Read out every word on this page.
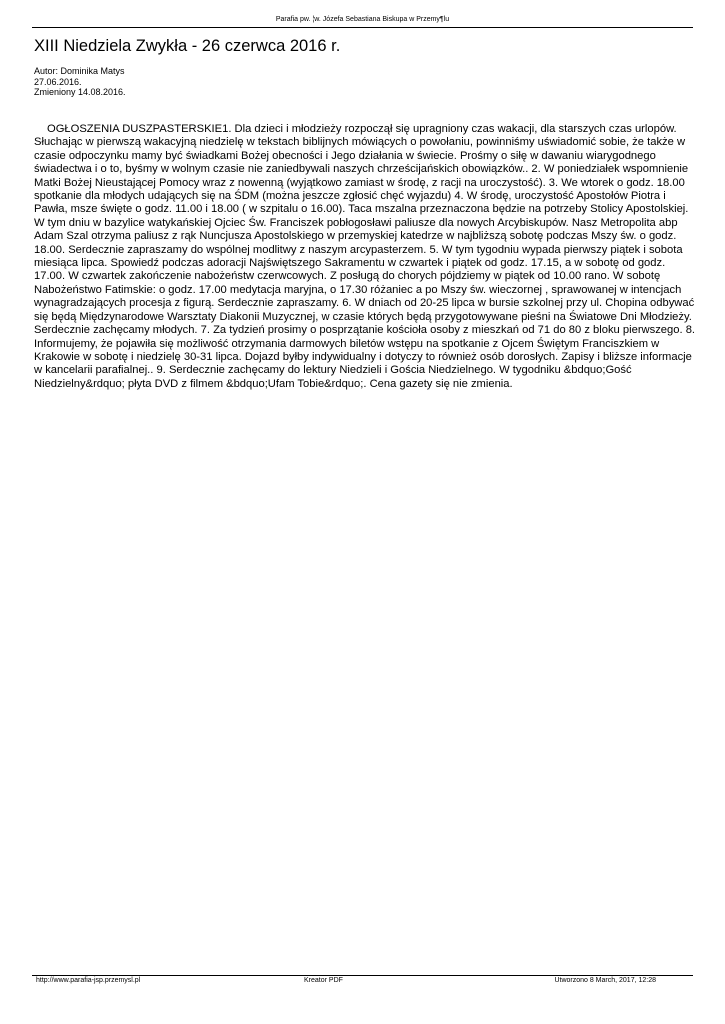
Parafia pw. ¦w. Józefa Sebastiana Biskupa w Przemy¶lu
XIII Niedziela Zwykła - 26 czerwca 2016 r.
Autor: Dominika Matys
27.06.2016.
Zmieniony 14.08.2016.

OGŁOSZENIA DUSZPASTERSKIE1. Dla dzieci i młodzieży rozpoczął się upragniony czas wakacji, dla starszych czas urlopów. Słuchając w pierwszą wakacyjną niedzielę w tekstach biblijnych mówiących o powołaniu, powinniśmy uświadomić sobie, że także w czasie odpoczynku mamy być świadkami Bożej obecności i Jego działania w świecie. Prośmy o siłę w dawaniu wiarygodnego świadectwa i o to, byśmy w wolnym czasie nie zaniedbywali naszych chrześcijańskich obowiązków.. 2. W poniedziałek wspomnienie Matki Bożej Nieustającej Pomocy wraz z nowenną (wyjątkowo zamiast w środę, z racji na uroczystość). 3. We wtorek o godz. 18.00 spotkanie dla młodych udających się na ŚDM (można jeszcze zgłosić chęć wyjazdu) 4. W środę, uroczystość Apostołów Piotra i Pawła, msze święte o godz. 11.00 i 18.00 ( w szpitalu o 16.00). Taca mszalna przeznaczona będzie na potrzeby Stolicy Apostolskiej. W tym dniu w bazylice watykańskiej Ojciec Św. Franciszek pobłogosławi paliusze dla nowych Arcybiskupów. Nasz Metropolita abp Adam Szal otrzyma paliusz z rąk Nuncjusza Apostolskiego w przemyskiej katedrze w najbliższą sobotę podczas Mszy św. o godz. 18.00. Serdecznie zapraszamy do wspólnej modlitwy z naszym arcypasterzem. 5. W tym tygodniu wypada pierwszy piątek i sobota miesiąca lipca. Spowiedź podczas adoracji Najświętszego Sakramentu w czwartek i piątek od godz. 17.15, a w sobotę od godz. 17.00. W czwartek zakończenie nabożeństw czerwcowych. Z posługą do chorych pójdziemy w piątek od 10.00 rano. W sobotę Nabożeństwo Fatimskie: o godz. 17.00 medytacja maryjna, o 17.30 różaniec a po Mszy św. wieczornej , sprawowanej w intencjach wynagradzających procesja z figurą. Serdecznie zapraszamy. 6. W dniach od 20-25 lipca w bursie szkolnej przy ul. Chopina odbywać się będą Międzynarodowe Warsztaty Diakonii Muzycznej, w czasie których będą przygotowywane pieśni na Światowe Dni Młodzieży. Serdecznie zachęcamy młodych. 7. Za tydzień prosimy o posprzątanie kościoła osoby z mieszkań od 71 do 80 z bloku pierwszego. 8. Informujemy, że pojawiła się możliwość otrzymania darmowych biletów wstępu na spotkanie z Ojcem Świętym Franciszkiem w Krakowie w sobotę i niedzielę 30-31 lipca. Dojazd byłby indywidualny i dotyczy to również osób dorosłych. Zapisy i bliższe informacje w kancelarii parafialnej.. 9. Serdecznie zachęcamy do lektury Niedzieli i Gościa Niedzielnego. W tygodniku &bdquo;Gość Niedzielny&rdquo; płyta DVD z filmem &bdquo;Ufam Tobie&rdquo;. Cena gazety się nie zmienia.

http://www.parafia-jsp.przemysl.pl	Kreator PDF	Utworzono 8 March, 2017, 12:28
